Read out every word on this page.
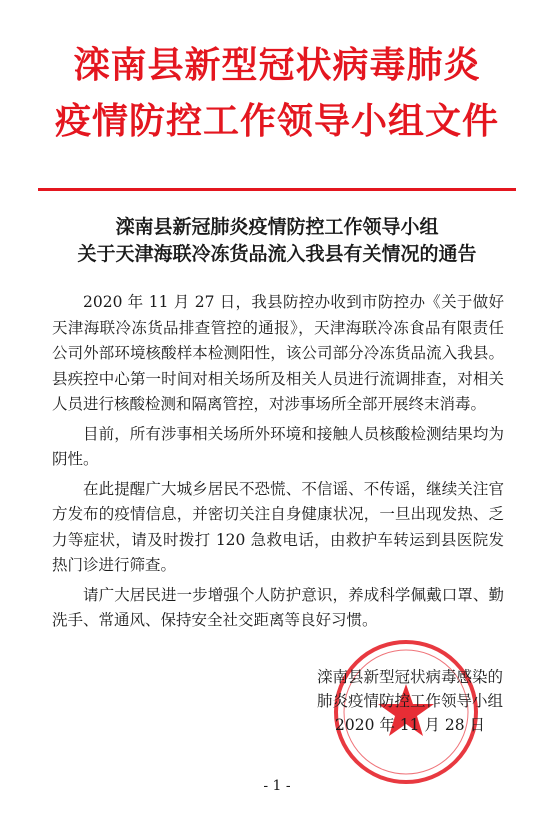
滦南县新型冠状病毒肺炎
疫情防控工作领导小组文件
滦南县新冠肺炎疫情防控工作领导小组
关于天津海联冷冻货品流入我县有关情况的通告

2020 年 11 月 27 日，我县防控办收到市防控办《关于做好天津海联冷冻货品排查管控的通报》，天津海联冷冻食品有限责任公司外部环境核酸样本检测阳性，该公司部分冷冻货品流入我县。县疾控中心第一时间对相关场所及相关人员进行流调排查，对相关人员进行核酸检测和隔离管控，对涉事场所全部开展终末消毒。

目前，所有涉事相关场所外环境和接触人员核酸检测结果均为阴性。

在此提醒广大城乡居民不恐慌、不信谣、不传谣，继续关注官方发布的疫情信息，并密切关注自身健康状况，一旦出现发热、乏力等症状，请及时拨打 120 急救电话，由救护车转运到县医院发热门诊进行筛查。

请广大居民进一步增强个人防护意识，养成科学佩戴口罩、勤洗手、常通风、保持安全社交距离等良好习惯。

滦南县新型冠状病毒感染的
肺炎疫情防控工作领导小组
2020 年 11 月 28 日
- 1 -
